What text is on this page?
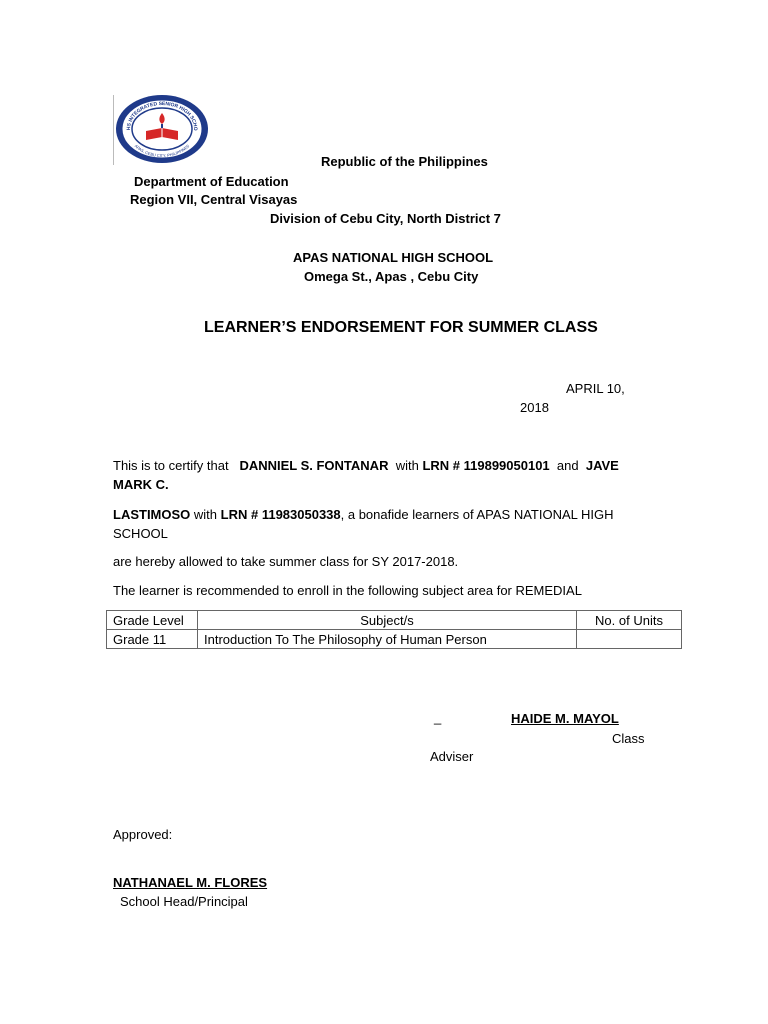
HS INTEGRATED SENIOR HIGH SCHO
APAS, CEBU CITY, PHILIPPINES
Republic of the Philippines
Department of Education
Region VII, Central Visayas
Division of Cebu City, North District 7
APAS NATIONAL HIGH SCHOOL
Omega St., Apas , Cebu City
LEARNER’S ENDORSEMENT FOR SUMMER CLASS
APRIL 10,
2018
This is to certify that DANNIEL S. FONTANAR with LRN # 119899050101 and JAVE
MARK C.
LASTIMOSO with LRN # 11983050338, a bonafide learners of APAS NATIONAL HIGH
SCHOOL
are hereby allowed to take summer class for SY 2017-2018.
The learner is recommended to enroll in the following subject area for REMEDIAL
Grade Level	Subject/s	No. of Units
Grade 11	Introduction To The Philosophy of Human Person	
_	HAIDE M. MAYOL
Class
Adviser
Approved:
NATHANAEL M. FLORES
School Head/Principal
